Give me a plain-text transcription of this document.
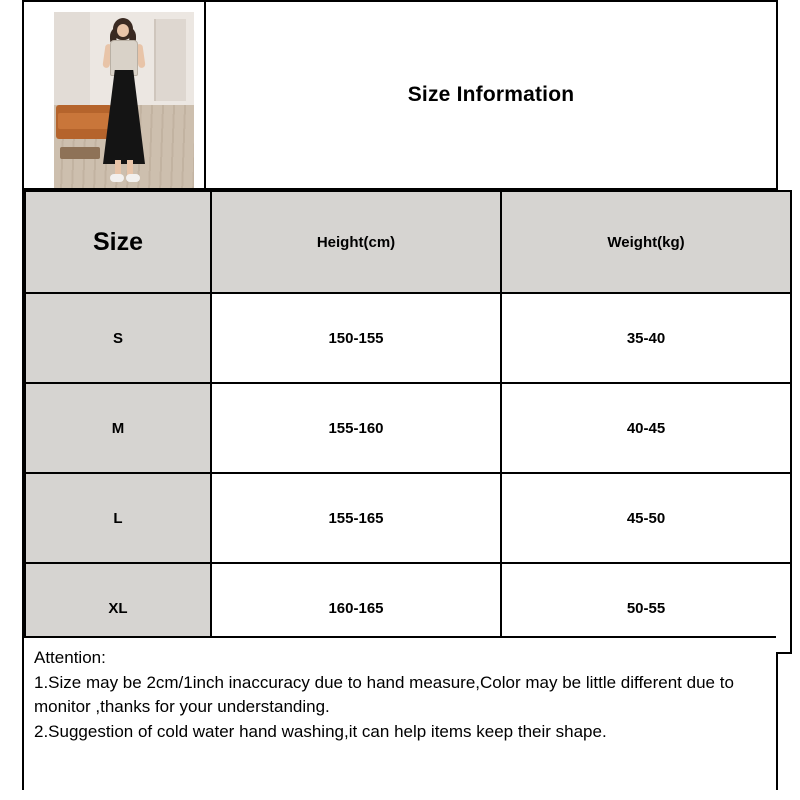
Size Information
Size	Height(cm)	Weight(kg)
S	150-155	35-40
M	155-160	40-45
L	155-165	45-50
XL	160-165	50-55
Attention:
1.Size may be 2cm/1inch inaccuracy due to hand measure,Color may be little different due to monitor ,thanks for your understanding.
2.Suggestion of cold water hand washing,it can help items keep their shape.
